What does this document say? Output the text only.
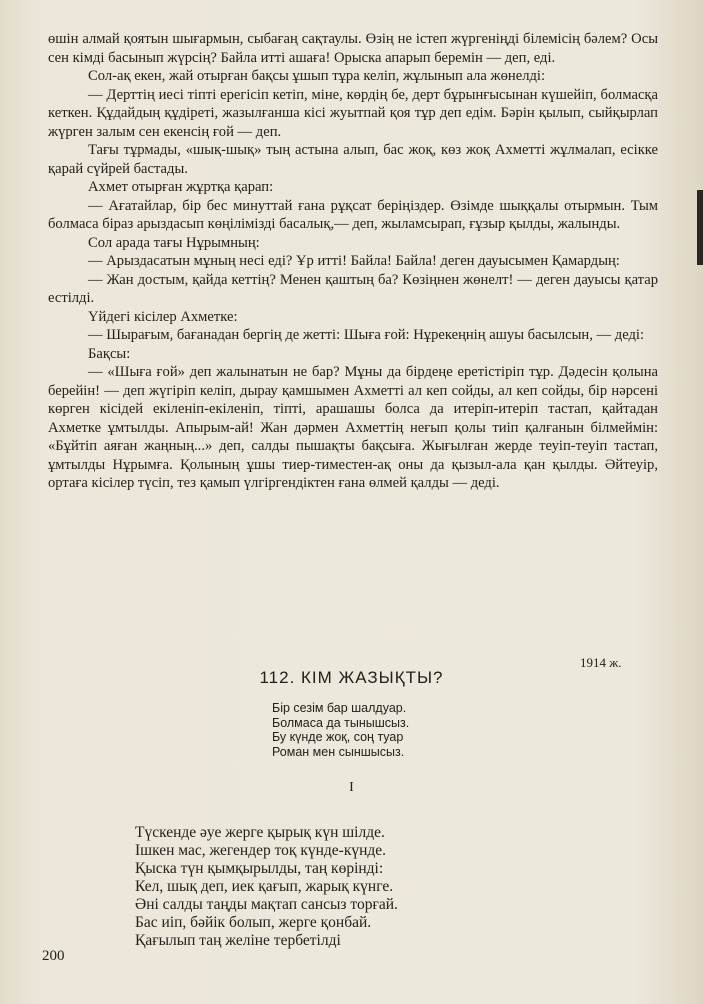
өшін алмай қоятын шығармын, сыбағаң сақтаулы. Өзің не істеп жүргеніңді білемісің бәлем? Осы сен кімді басынып жүрсің? Байла итті ашаға! Орыска апарып беремін — деп, еді.

Сол-ақ екен, жай отырған бақсы ұшып тұра келіп, жұлынып ала жөнелді:

— Дерттің иесі тіпті ерегісіп кетіп, міне, көрдің бе, дерт бұрынғысынан күшейіп, болмасқа кеткен. Құдайдың құдіреті, жазылғанша кісі жуытпай қоя тұр деп едім. Бәрін қылып, сыйқырлап жүрген залым сен екенсің ғой — деп.

Тағы тұрмады, «шық-шық» тың астына алып, бас жоқ, көз жоқ Ахметті жұлмалап, есікке қарай сүйрей бастады.

Ахмет отырған жұртқа қарап:

— Ағатайлар, бір бес минуттай ғана рұқсат беріңіздер. Өзімде шыққалы отырмын. Тым болмаса біраз арыздасып көңілімізді басалық,— деп, жыламсырап, ғұзыр қылды, жалынды.

Сол арада тағы Нұрымның:

— Арыздасатын мұның несі еді? Ұр итті! Байла! Байла! деген дауысымен Қамардың:

— Жан достым, қайда кеттің? Менен қаштың ба? Көзіңнен жөнелт! — деген дауысы қатар естілді.

Үйдегі кісілер Ахметке:

— Шырағым, бағанадан бергің де жетті: Шыға ғой: Нұрекеңнің ашуы басылсын, — деді:

Бақсы:

— «Шыға ғой» деп жалынатын не бар? Мұны да бірдеңе еретістіріп тұр. Дәдесін қолына берейін! — деп жүгіріп келіп, дырау қамшымен Ахметті ал кеп сойды, ал кеп сойды, бір нәрсені көрген кісідей екіленіп-екіленіп, тіпті, арашашы болса да итеріп-итеріп тастап, қайтадан Ахметке ұмтылды. Апырым-ай! Жан дәрмен Ахметтің неғып қолы тиіп қалғанын білмеймін: «Бұйтіп аяған жаңның...» деп, салды пышақты бақсыға. Жығылған жерде теуіп-теуіп тастап, ұмтылды Нұрымға. Қолының ұшы тиер-тиместен-ақ оны да қызыл-ала қан қылды. Әйтеуір, ортаға кісілер түсіп, тез қамып үлгіргендіктен ғана өлмей қалды — деді.

1914 ж.
112. КІМ ЖАЗЫҚТЫ?
Бір сезім бар шалдуар.
Болмаса да тынышсыз.
Бу күнде жоқ, соң туар
Роман мен сыншысыз.
I
Түскенде әуе жерге қырық күн шілде.
Ішкен мас, жегендер тоқ күнде-күнде.
Қыска түн қымқырылды, таң көрінді:
Кел, шық деп, иек қағып, жарық күнге.
Әні салды таңды мақтап сансыз торғай.
Бас иіп, бәйік болып, жерге қонбай.
Қағылып таң желіне тербетілді
200
